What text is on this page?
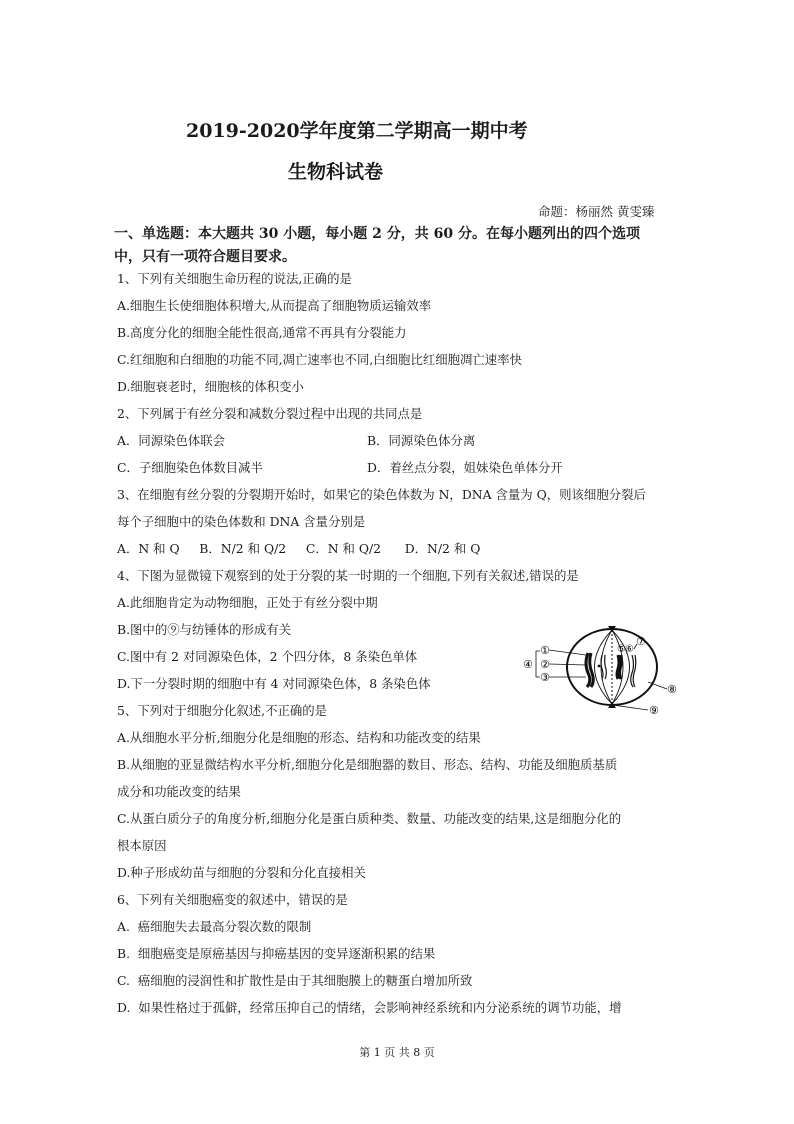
2019-2020学年度第二学期高一期中考
生物科试卷
命题：杨丽然 黄雯臻
一、单选题：本大题共 30 小题，每小题 2 分，共 60 分。在每小题列出的四个选项
中，只有一项符合题目要求。
1、下列有关细胞生命历程的说法,正确的是
A.细胞生长使细胞体积增大,从而提高了细胞物质运输效率
B.高度分化的细胞全能性很高,通常不再具有分裂能力
C.红细胞和白细胞的功能不同,凋亡速率也不同,白细胞比红细胞凋亡速率快
D.细胞衰老时，细胞核的体积变小
2、下列属于有丝分裂和减数分裂过程中出现的共同点是
A．同源染色体联会	B．同源染色体分离
C．子细胞染色体数目减半	D．着丝点分裂，姐妹染色单体分开
3、在细胞有丝分裂的分裂期开始时，如果它的染色体数为 N，DNA 含量为 Q，则该细胞分裂后
每个子细胞中的染色体数和 DNA 含量分别是
A．N 和 Q     B．N/2 和 Q/2     C．N 和 Q/2      D．N/2 和 Q
4、下图为显微镜下观察到的处于分裂的某一时期的一个细胞,下列有关叙述,错误的是
A.此细胞肯定为动物细胞，正处于有丝分裂中期
B.图中的⑨与纺锤体的形成有关
C.图中有 2 对同源染色体，2 个四分体，8 条染色单体
D.下一分裂时期的细胞中有 4 对同源染色体，8 条染色体
①
②
③
④
⑤ ⑥
⑦
⑧
⑨
5、下列对于细胞分化叙述,不正确的是
A.从细胞水平分析,细胞分化是细胞的形态、结构和功能改变的结果
B.从细胞的亚显微结构水平分析,细胞分化是细胞器的数目、形态、结构、功能及细胞质基质
成分和功能改变的结果
C.从蛋白质分子的角度分析,细胞分化是蛋白质种类、数量、功能改变的结果,这是细胞分化的
根本原因
D.种子形成幼苗与细胞的分裂和分化直接相关
6、下列有关细胞癌变的叙述中，错误的是
A.  癌细胞失去最高分裂次数的限制
B.  细胞癌变是原癌基因与抑癌基因的变异逐渐积累的结果
C.  癌细胞的浸润性和扩散性是由于其细胞膜上的糖蛋白增加所致
D.  如果性格过于孤僻，经常压抑自己的情绪，会影响神经系统和内分泌系统的调节功能，增
第 1 页 共 8 页
